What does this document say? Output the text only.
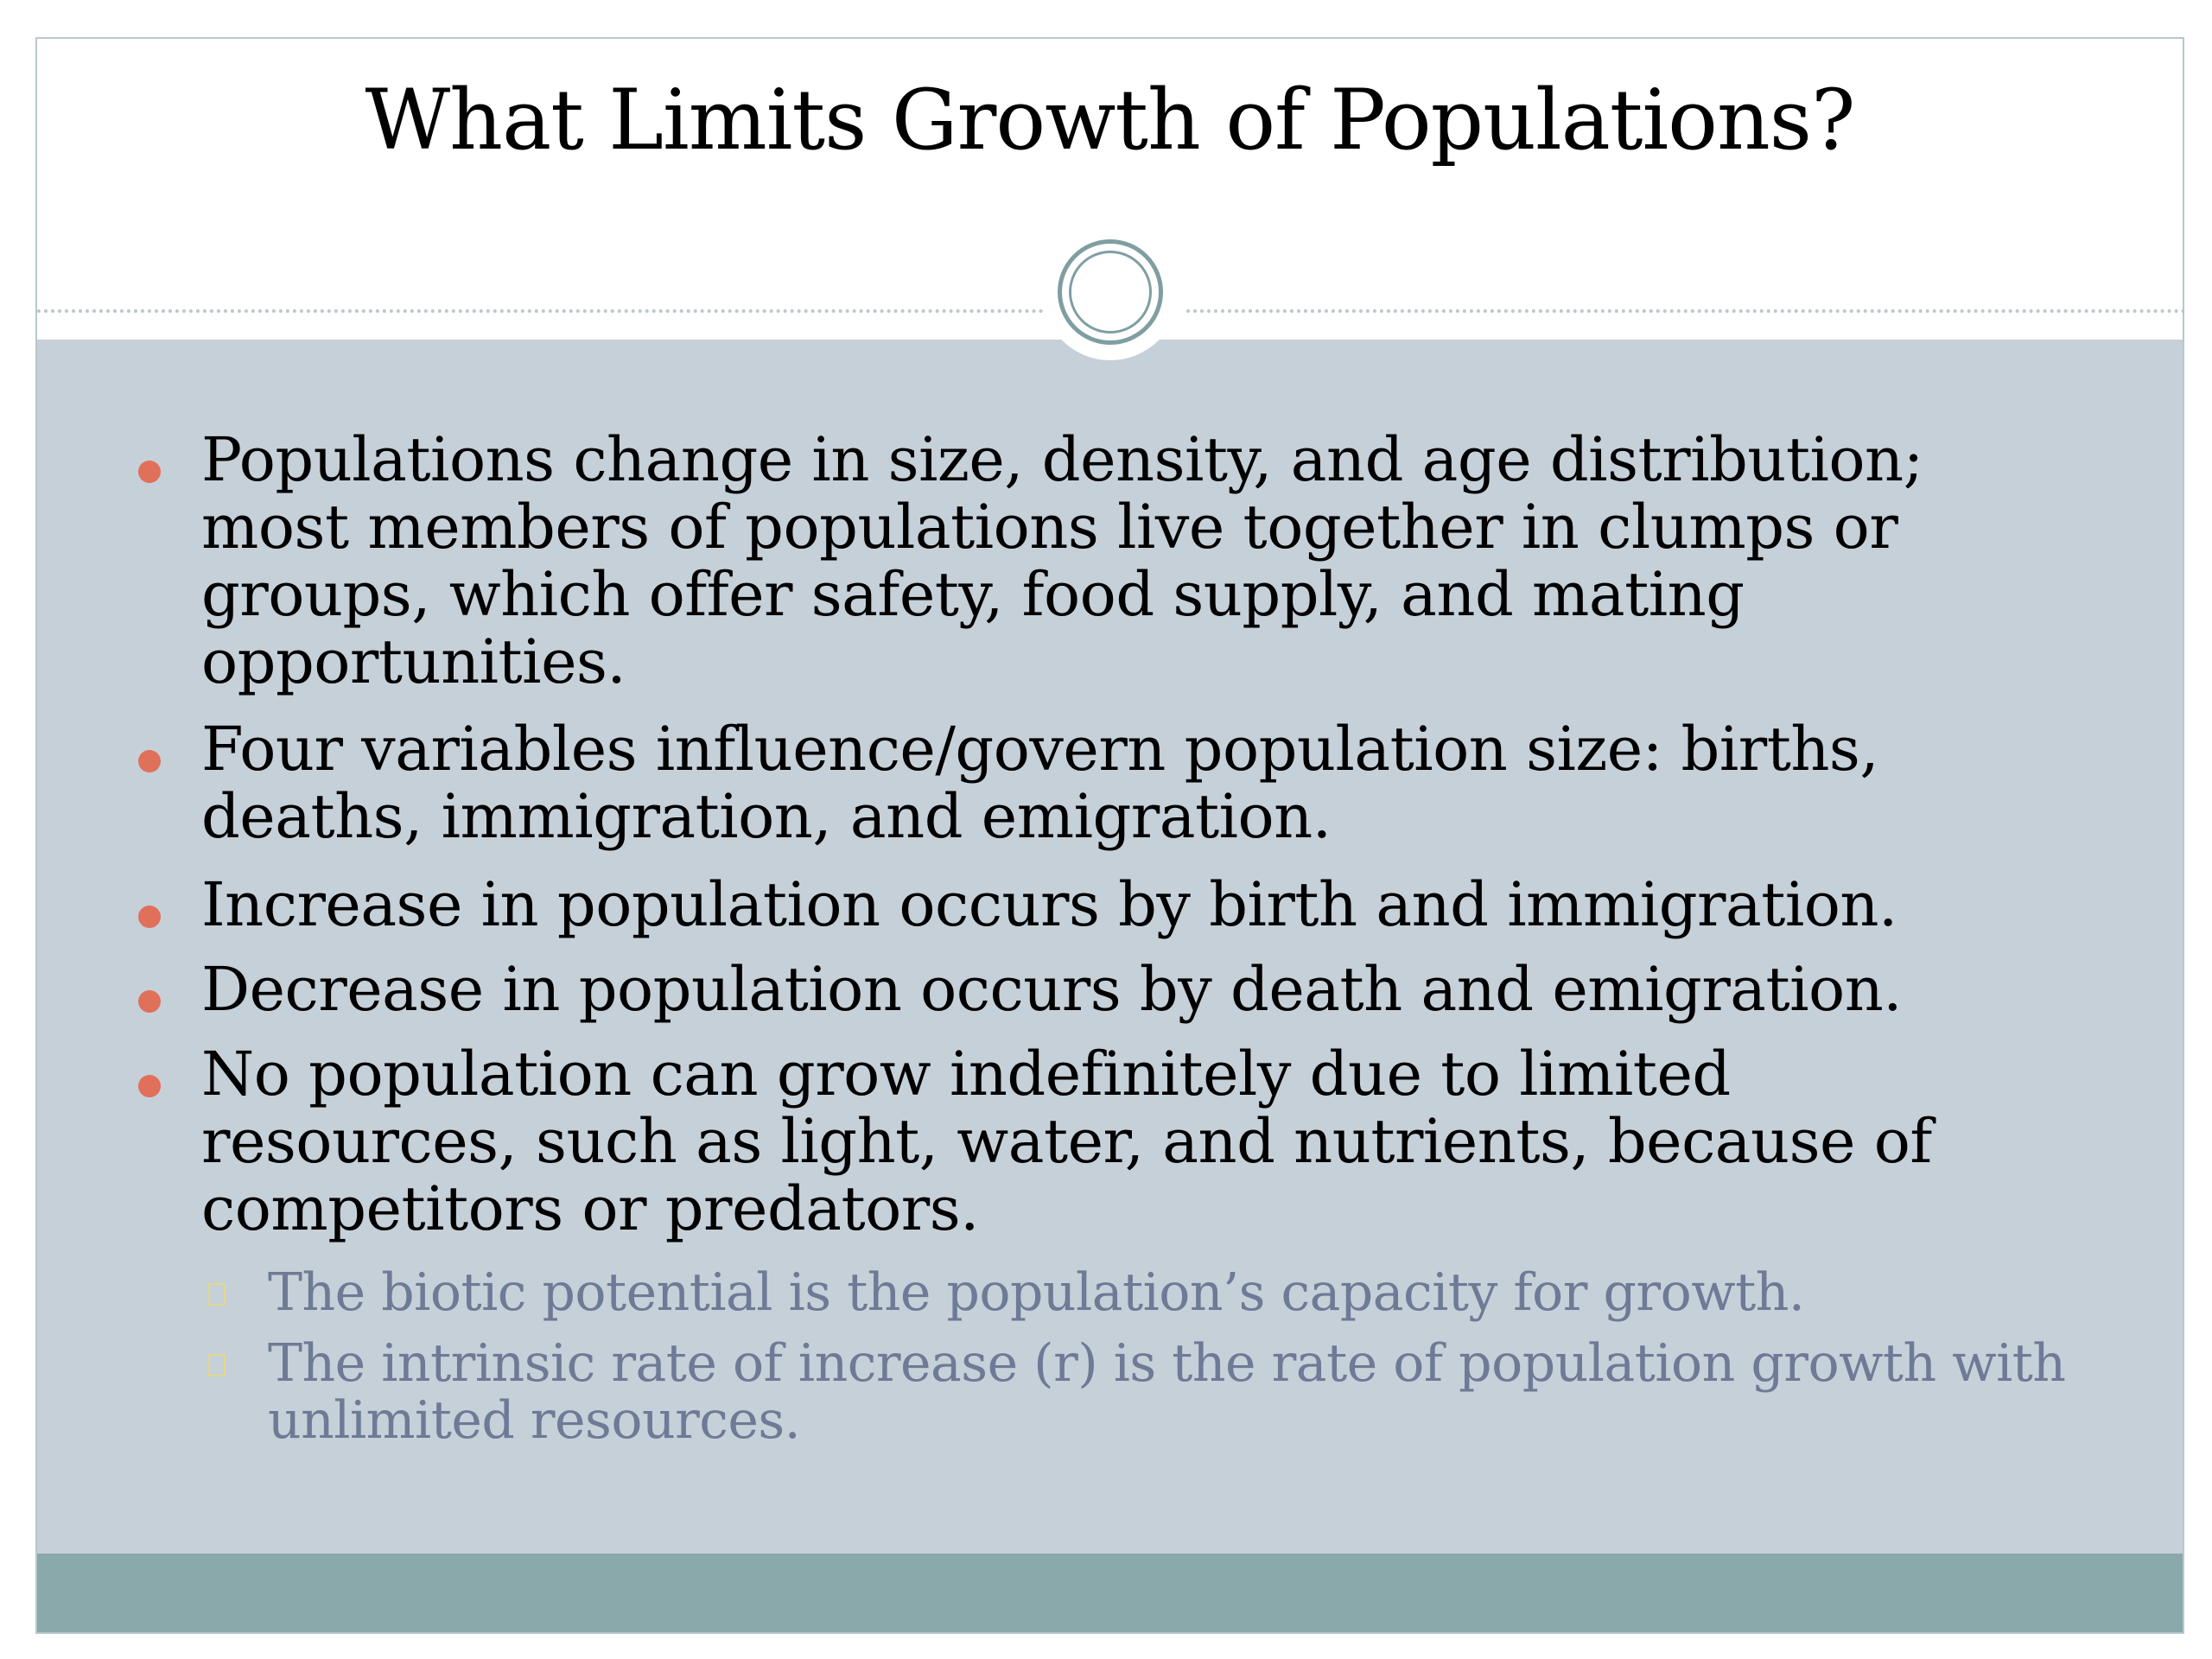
What Limits Growth of Populations?
Populations change in size, density, and age distribution; most members of populations live together in clumps or groups, which offer safety, food supply, and mating opportunities.
Four variables influence/govern population size: births, deaths, immigration, and emigration.
Increase in population occurs by birth and immigration.
Decrease in population occurs by death and emigration.
No population can grow indefinitely due to limited resources, such as light, water, and nutrients, because of competitors or predators.
The biotic potential is the population’s capacity for growth.
The intrinsic rate of increase (r) is the rate of population growth with unlimited resources.
